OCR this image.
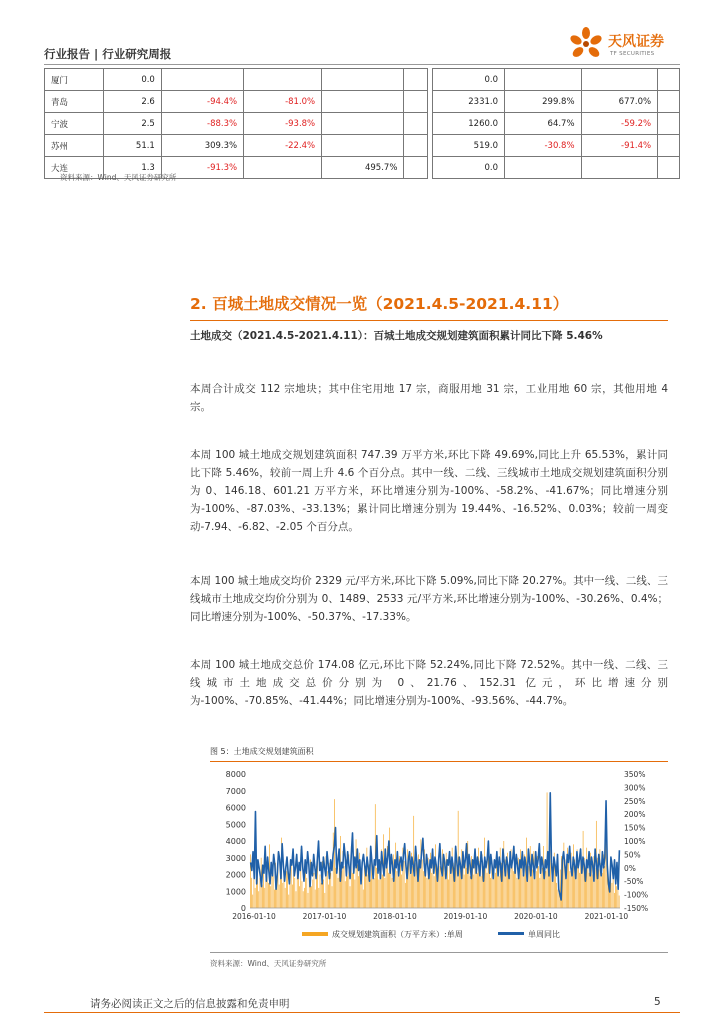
行业报告 | 行业研究周报
天风证券
TF SECURITIES
厦门	0.0				
青岛	2.6	-94.4%	-81.0%		
宁波	2.5	-88.3%	-93.8%		
苏州	51.1	309.3%	-22.4%		
大连	1.3	-91.3%		495.7%	
0.0			
2331.0	299.8%	677.0%	
1260.0	64.7%	-59.2%	
519.0	-30.8%	-91.4%	
0.0			
资料来源：Wind、天风证券研究所
2. 百城土地成交情况一览（2021.4.5-2021.4.11）
土地成交（2021.4.5-2021.4.11）：百城土地成交规划建筑面积累计同比下降 5.46%

本周合计成交 112 宗地块；其中住宅用地 17 宗，商服用地 31 宗，工业用地 60 宗，其他用地 4 宗。

本周 100 城土地成交规划建筑面积 747.39 万平方米,环比下降 49.69%,同比上升 65.53%，累计同比下降 5.46%，较前一周上升 4.6 个百分点。其中一线、二线、三线城市土地成交规划建筑面积分别为 0、146.18、601.21 万平方米，环比增速分别为-100%、-58.2%、-41.67%；同比增速分别为-100%、-87.03%、-33.13%；累计同比增速分别为 19.44%、-16.52%、0.03%；较前一周变动-7.94、-6.82、-2.05 个百分点。

本周 100 城土地成交均价 2329 元/平方米,环比下降 5.09%,同比下降 20.27%。其中一线、二线、三线城市土地成交均价分别为 0、1489、2533 元/平方米,环比增速分别为-100%、-30.26%、0.4%；同比增速分别为-100%、-50.37%、-17.33%。

本周 100 城土地成交总价 174.08 亿元,环比下降 52.24%,同比下降 72.52%。其中一线、二线、三线城市土地成交总价分别为 0、21.76、152.31 亿元，环比增速分别为-100%、-70.85%、-41.44%；同比增速分别为-100%、-93.56%、-44.7%。

图 5：土地成交规划建筑面积
0
1000
2000
3000
4000
5000
6000
7000
8000
-150%
-100%
-50%
0%
50%
100%
150%
200%
250%
300%
350%
2016-01-10	2017-01-10	2018-01-10	2019-01-10	2020-01-10	2021-01-10
成交规划建筑面积（万平方米）:单周	单周同比
资料来源：Wind、天风证券研究所
请务必阅读正文之后的信息披露和免责申明	5
